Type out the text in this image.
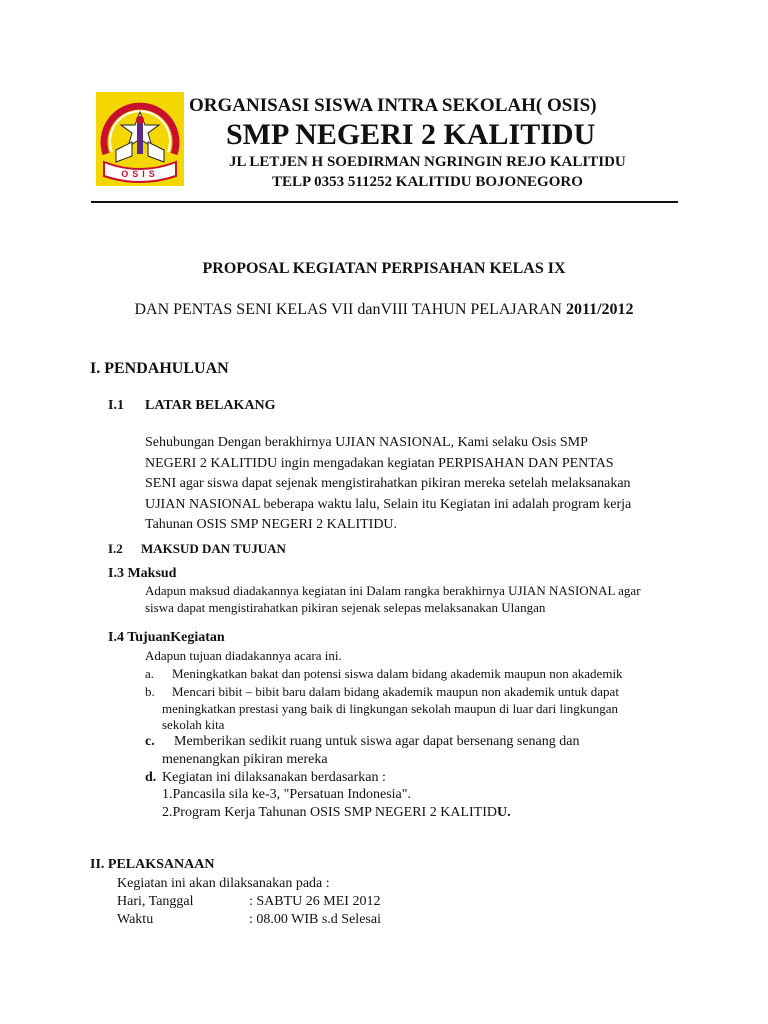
OSIS
ORGANISASI SISWA INTRA SEKOLAH( OSIS)
SMP NEGERI 2 KALITIDU
JL LETJEN H SOEDIRMAN NGRINGIN REJO KALITIDU
TELP 0353 511252 KALITIDU BOJONEGORO
PROPOSAL KEGIATAN PERPISAHAN KELAS IX
DAN PENTAS SENI KELAS VII danVIII TAHUN PELAJARAN 2011/2012
I. PENDAHULUAN
I.1 LATAR BELAKANG
Sehubungan Dengan berakhirnya UJIAN NASIONAL, Kami selaku Osis SMP
NEGERI 2 KALITIDU ingin mengadakan kegiatan PERPISAHAN DAN PENTAS
SENI agar siswa dapat sejenak mengistirahatkan pikiran mereka setelah melaksanakan
UJIAN NASIONAL beberapa waktu lalu, Selain itu Kegiatan ini adalah program kerja
Tahunan OSIS SMP NEGERI 2 KALITIDU.
I.2 MAKSUD DAN TUJUAN
I.3 Maksud
Adapun maksud diadakannya kegiatan ini Dalam rangka berakhirnya UJIAN NASIONAL agar
siswa dapat mengistirahatkan pikiran sejenak selepas melaksanakan Ulangan
I.4 TujuanKegiatan
Adapun tujuan diadakannya acara ini.
a. Meningkatkan bakat dan potensi siswa dalam bidang akademik maupun non akademik
b. Mencari bibit – bibit baru dalam bidang akademik maupun non akademik untuk dapat
meningkatkan prestasi yang baik di lingkungan sekolah maupun di luar dari lingkungan
sekolah kita
c. Memberikan sedikit ruang untuk siswa agar dapat bersenang senang dan
menenangkan pikiran mereka
d. Kegiatan ini dilaksanakan berdasarkan :
1.Pancasila sila ke-3, "Persatuan Indonesia".
2.Program Kerja Tahunan OSIS SMP NEGERI 2 KALITIDU.
II. PELAKSANAAN
Kegiatan ini akan dilaksanakan pada :
Hari, Tanggal	: SABTU 26 MEI 2012
Waktu	: 08.00 WIB s.d Selesai
